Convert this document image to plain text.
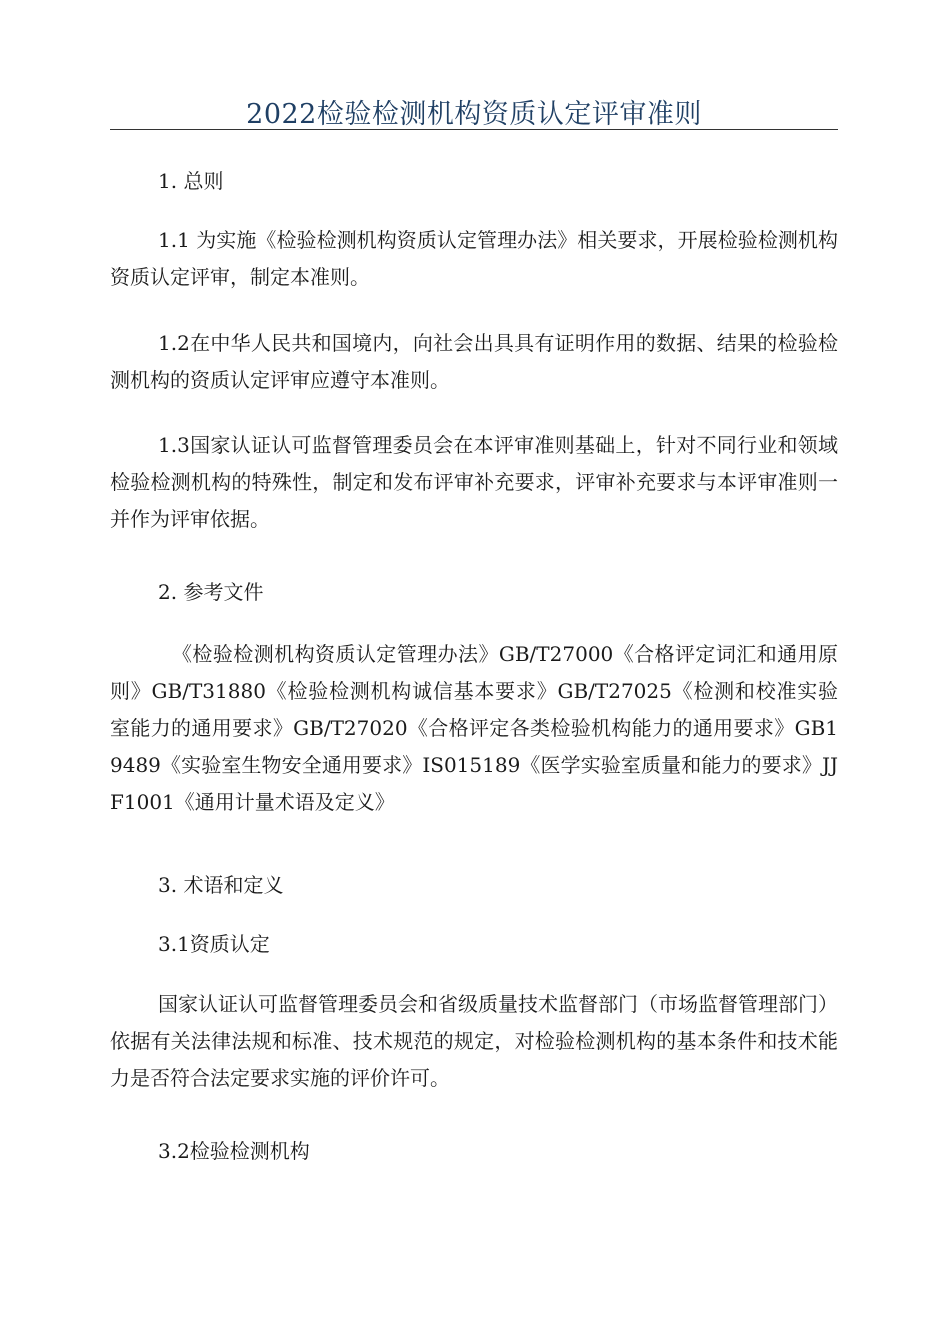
2022检验检测机构资质认定评审准则

1. 总则

1.1 为实施《检验检测机构资质认定管理办法》相关要求，开展检验检测机构资质认定评审，制定本准则。

1.2在中华人民共和国境内，向社会出具具有证明作用的数据、结果的检验检测机构的资质认定评审应遵守本准则。

1.3国家认证认可监督管理委员会在本评审准则基础上，针对不同行业和领域检验检测机构的特殊性，制定和发布评审补充要求，评审补充要求与本评审准则一并作为评审依据。

2. 参考文件

《检验检测机构资质认定管理办法》GB/T27000《合格评定词汇和通用原则》GB/T31880《检验检测机构诚信基本要求》GB/T27025《检测和校准实验室能力的通用要求》GB/T27020《合格评定各类检验机构能力的通用要求》GB19489《实验室生物安全通用要求》IS015189《医学实验室质量和能力的要求》JJF1001《通用计量术语及定义》

3. 术语和定义

3.1资质认定

国家认证认可监督管理委员会和省级质量技术监督部门（市场监督管理部门）依据有关法律法规和标准、技术规范的规定，对检验检测机构的基本条件和技术能力是否符合法定要求实施的评价许可。

3.2检验检测机构
